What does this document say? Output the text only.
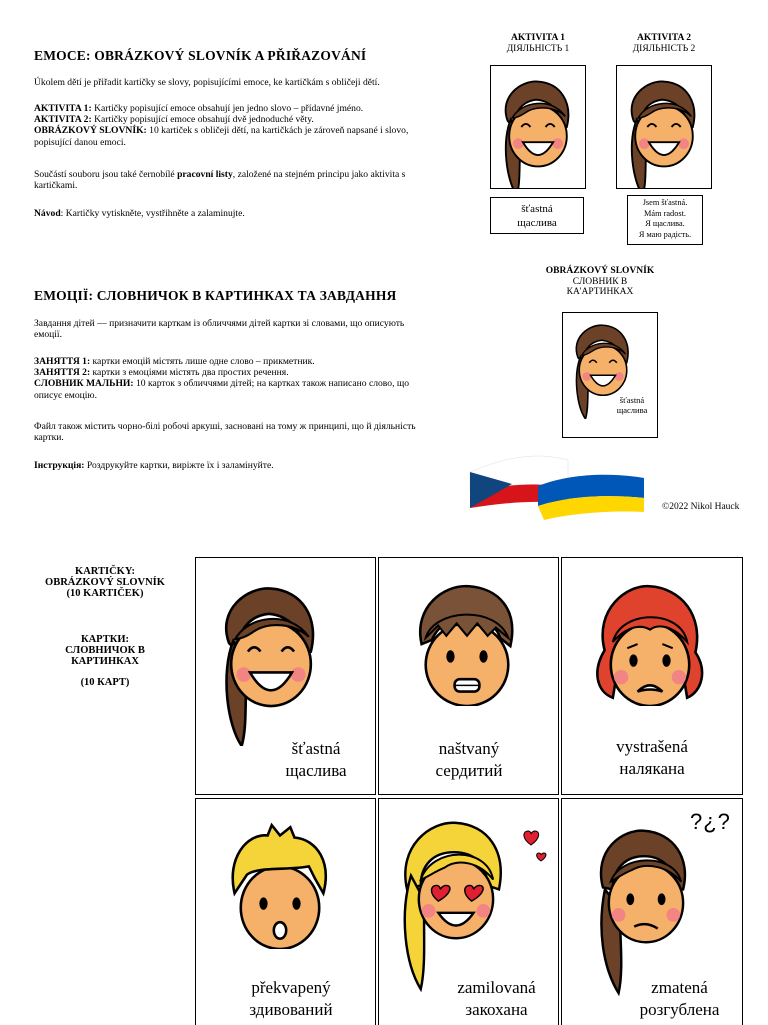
EMOCE: OBRÁZKOVÝ SLOVNÍK A PŘIŘAZOVÁNÍ
Úkolem dětí je přiřadit kartičky se slovy, popisujícími emoce, ke kartičkám s obličeji dětí.
AKTIVITA 1: Kartičky popisující emoce obsahují jen jedno slovo – přídavné jméno.
AKTIVITA 2: Kartičky popisující emoce obsahují dvě jednoduché věty.
OBRÁZKOVÝ SLOVNÍK: 10 kartiček s obličeji dětí, na kartičkách je zároveň napsané i slovo, popisující danou emoci.
Součástí souboru jsou také černobílé pracovní listy, založené na stejném principu jako aktivita s kartičkami.
Návod: Kartičky vytiskněte, vystřihněte a zalaminujte.
AKTIVITA 1
ДІЯЛЬНІСТЬ 1
šťastná
щаслива
AKTIVITA 2
ДІЯЛЬНІСТЬ 2
Jsem šťastná.
Mám radost.
Я щаслива.
Я маю радість.
OBRÁZKOVÝ SLOVNÍK
СЛОВНИК В
КА'АРТИНКАХ
šťastná
щаслива
ЕМОЦІЇ: СЛОВНИЧОК В КАРТИНКАХ ТА ЗАВДАННЯ
Завдання дітей — призначити карткам із обличчями дітей картки зі словами, що описують емоції.
ЗАНЯТТЯ 1: картки емоцій містять лише одне слово – прикметник.
ЗАНЯТТЯ 2: картки з емоціями містять два простих речення.
СЛОВНИК МАЛЬНИ: 10 карток з обличчями дітей; на картках також написано слово, що описує емоцію.
Файл також містить чорно-білі робочі аркуші, засновані на тому ж принципі, що й діяльність картки.
Інструкція: Роздрукуйте картки, виріжте їх і заламінуйте.
©2022 Nikol Hauck
KARTIČKY:
OBRÁZKOVÝ SLOVNÍK
(10 KARTIČEK)
КАРТКИ:
СЛОВНИЧОК В
КАРТИНКАХ
(10 КАРТ)
šťastná
щаслива
naštvaný
сердитий
vystrašená
налякана
překvapený
здивований
zamilovaná
закохана
?¿?
zmatená
розгублена
